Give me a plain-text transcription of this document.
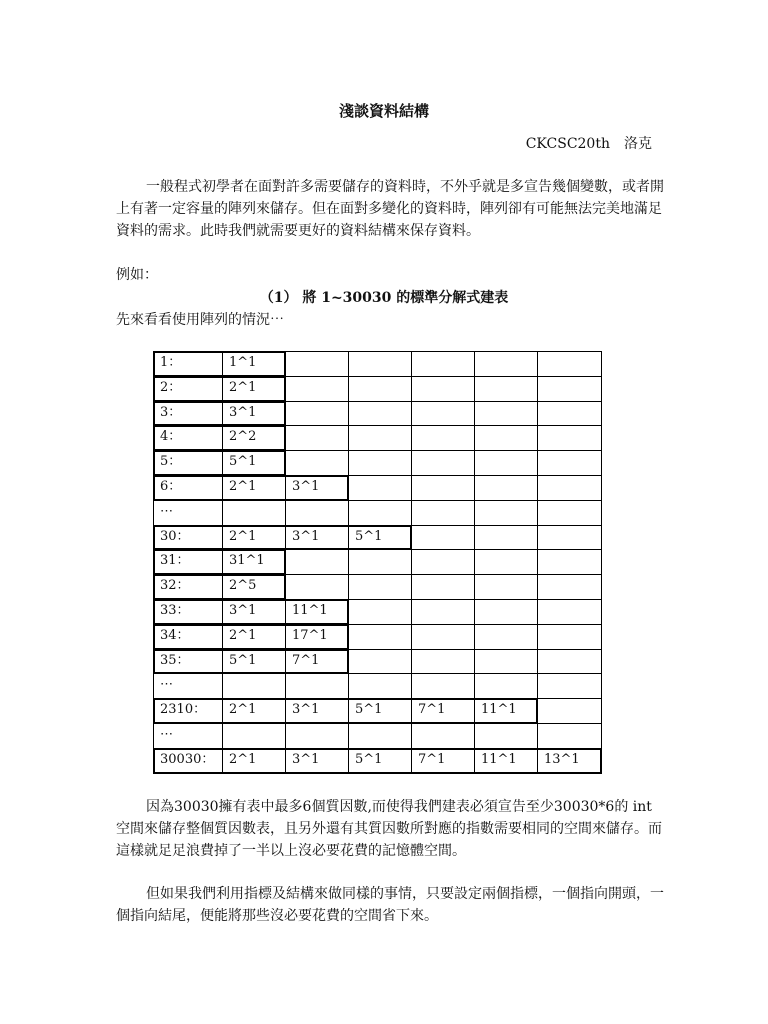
淺談資料結構
CKCSC20th　洛克

一般程式初學者在面對許多需要儲存的資料時，不外乎就是多宣告幾個變數，或者開上有著一定容量的陣列來儲存。但在面對多變化的資料時，陣列卻有可能無法完美地滿足資料的需求。此時我們就需要更好的資料結構來保存資料。

例如：
（1） 將 1~30030 的標準分解式建表
先來看看使用陣列的情況⋯
1：	1^1
2：	2^1
3：	3^1
4：	2^2
5：	5^1
6：	2^1	3^1
⋯
30：	2^1	3^1	5^1
31：	31^1
32：	2^5
33：	3^1	11^1
34：	2^1	17^1
35：	5^1	7^1
⋯
2310：	2^1	3^1	5^1	7^1	11^1
⋯
30030：	2^1	3^1	5^1	7^1	11^1	13^1

因為30030擁有表中最多6個質因數,而使得我們建表必須宣告至少30030*6的 int 空間來儲存整個質因數表，且另外還有其質因數所對應的指數需要相同的空間來儲存。而這樣就足足浪費掉了一半以上沒必要花費的記憶體空間。

但如果我們利用指標及結構來做同樣的事情，只要設定兩個指標，一個指向開頭，一個指向結尾，便能將那些沒必要花費的空間省下來。
